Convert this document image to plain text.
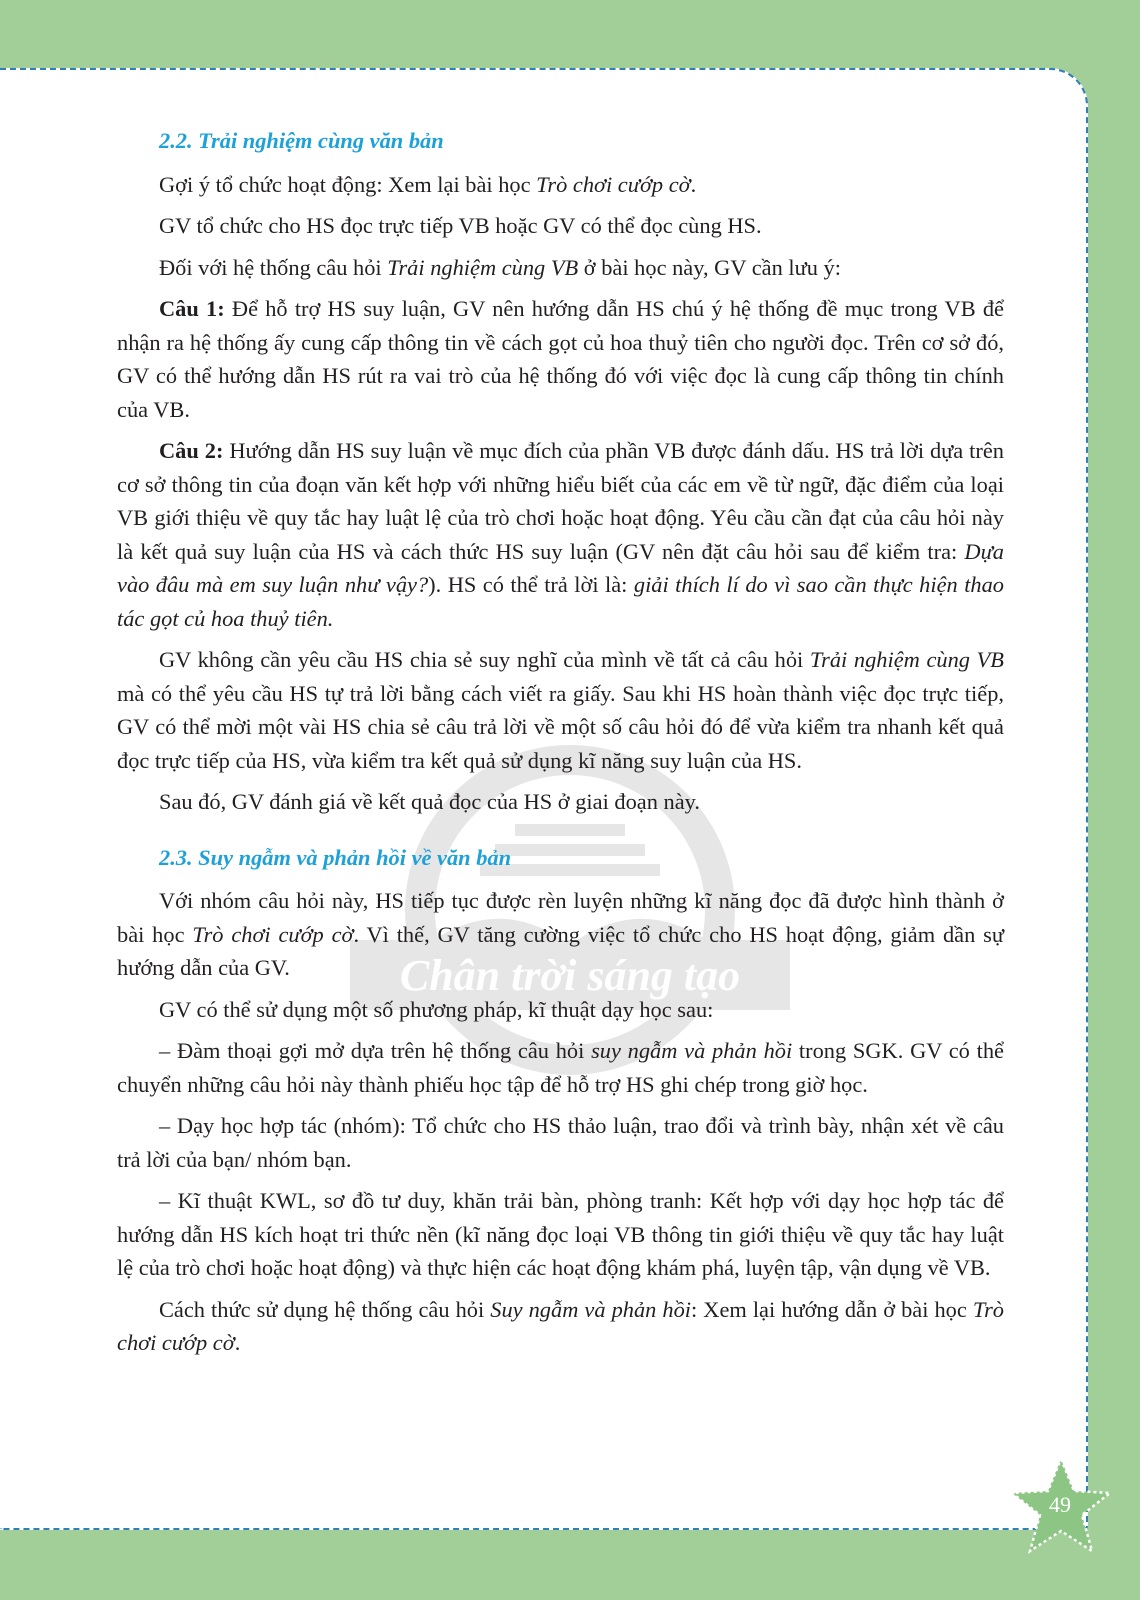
Chân trời sáng tạo
2.2. Trải nghiệm cùng văn bản

Gợi ý tổ chức hoạt động: Xem lại bài học Trò chơi cướp cờ.

GV tổ chức cho HS đọc trực tiếp VB hoặc GV có thể đọc cùng HS.

Đối với hệ thống câu hỏi Trải nghiệm cùng VB ở bài học này, GV cần lưu ý:

Câu 1: Để hỗ trợ HS suy luận, GV nên hướng dẫn HS chú ý hệ thống đề mục trong VB để nhận ra hệ thống ấy cung cấp thông tin về cách gọt củ hoa thuỷ tiên cho người đọc. Trên cơ sở đó, GV có thể hướng dẫn HS rút ra vai trò của hệ thống đó với việc đọc là cung cấp thông tin chính của VB.

Câu 2: Hướng dẫn HS suy luận về mục đích của phần VB được đánh dấu. HS trả lời dựa trên cơ sở thông tin của đoạn văn kết hợp với những hiểu biết của các em về từ ngữ, đặc điểm của loại VB giới thiệu về quy tắc hay luật lệ của trò chơi hoặc hoạt động. Yêu cầu cần đạt của câu hỏi này là kết quả suy luận của HS và cách thức HS suy luận (GV nên đặt câu hỏi sau để kiểm tra: Dựa vào đâu mà em suy luận như vậy?). HS có thể trả lời là: giải thích lí do vì sao cần thực hiện thao tác gọt củ hoa thuỷ tiên.

GV không cần yêu cầu HS chia sẻ suy nghĩ của mình về tất cả câu hỏi Trải nghiệm cùng VB mà có thể yêu cầu HS tự trả lời bằng cách viết ra giấy. Sau khi HS hoàn thành việc đọc trực tiếp, GV có thể mời một vài HS chia sẻ câu trả lời về một số câu hỏi đó để vừa kiểm tra nhanh kết quả đọc trực tiếp của HS, vừa kiểm tra kết quả sử dụng kĩ năng suy luận của HS.

Sau đó, GV đánh giá về kết quả đọc của HS ở giai đoạn này.

2.3. Suy ngẫm và phản hồi về văn bản

Với nhóm câu hỏi này, HS tiếp tục được rèn luyện những kĩ năng đọc đã được hình thành ở bài học Trò chơi cướp cờ. Vì thế, GV tăng cường việc tổ chức cho HS hoạt động, giảm dần sự hướng dẫn của GV.

GV có thể sử dụng một số phương pháp, kĩ thuật dạy học sau:

– Đàm thoại gợi mở dựa trên hệ thống câu hỏi suy ngẫm và phản hồi trong SGK. GV có thể chuyển những câu hỏi này thành phiếu học tập để hỗ trợ HS ghi chép trong giờ học.

– Dạy học hợp tác (nhóm): Tổ chức cho HS thảo luận, trao đổi và trình bày, nhận xét về câu trả lời của bạn/ nhóm bạn.

– Kĩ thuật KWL, sơ đồ tư duy, khăn trải bàn, phòng tranh: Kết hợp với dạy học hợp tác để hướng dẫn HS kích hoạt tri thức nền (kĩ năng đọc loại VB thông tin giới thiệu về quy tắc hay luật lệ của trò chơi hoặc hoạt động) và thực hiện các hoạt động khám phá, luyện tập, vận dụng về VB.

Cách thức sử dụng hệ thống câu hỏi Suy ngẫm và phản hồi: Xem lại hướng dẫn ở bài học Trò chơi cướp cờ.

49
